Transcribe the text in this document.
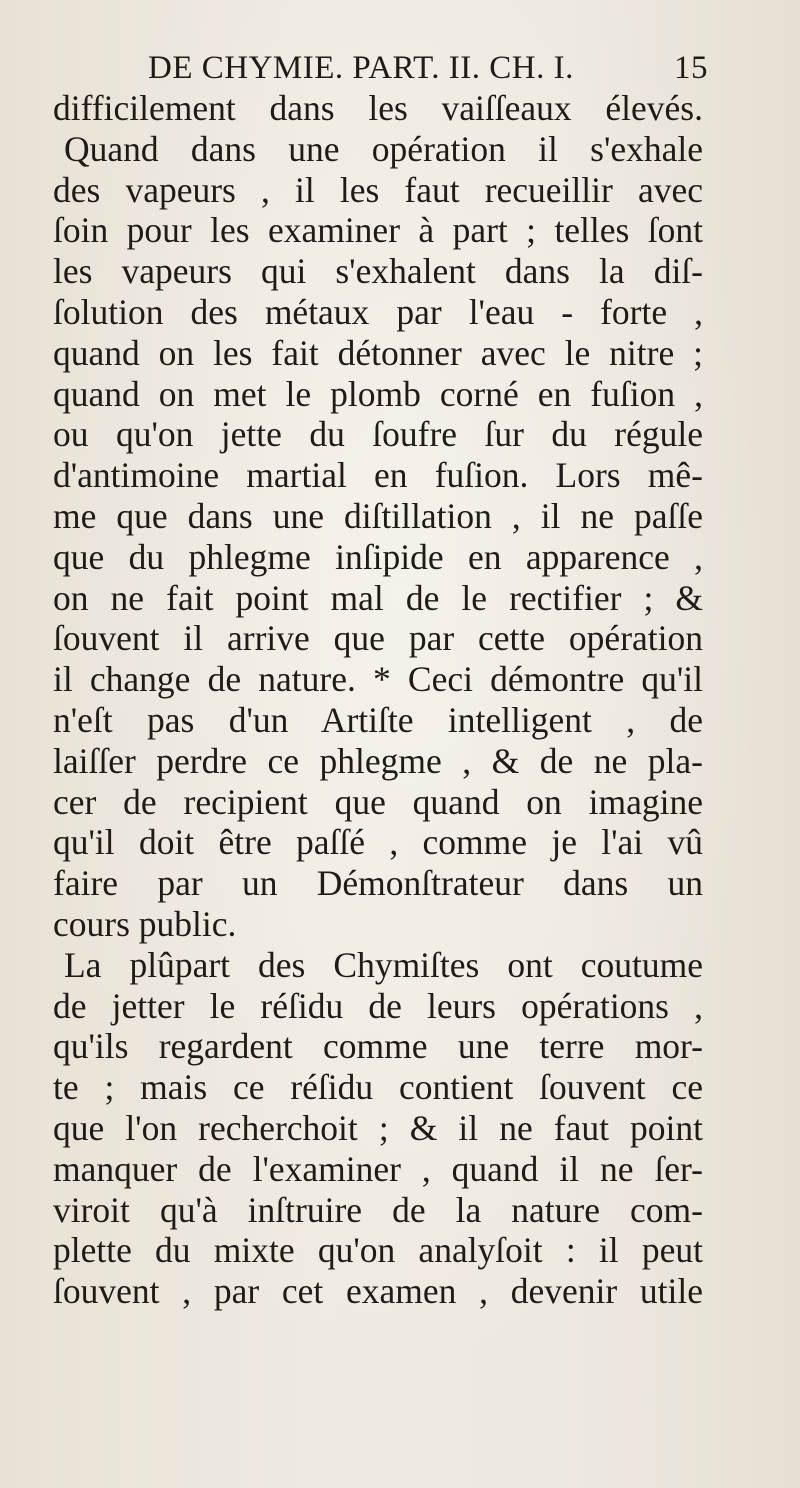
DE CHYMIE. PART. II. CH. I.	15
difficilement dans les vaiſſeaux élevés.
Quand dans une opération il s'exhale
des vapeurs , il les faut recueillir avec
ſoin pour les examiner à part ; telles ſont
les vapeurs qui s'exhalent dans la diſ-
ſolution des métaux par l'eau - forte ,
quand on les fait détonner avec le nitre ;
quand on met le plomb corné en fuſion ,
ou qu'on jette du ſoufre ſur du régule
d'antimoine martial en fuſion. Lors mê-
me que dans une diſtillation , il ne paſſe
que du phlegme inſipide en apparence ,
on ne fait point mal de le rectifier ; &
ſouvent il arrive que par cette opération
il change de nature. * Ceci démontre qu'il
n'eſt pas d'un Artiſte intelligent , de
laiſſer perdre ce phlegme , & de ne pla-
cer de recipient que quand on imagine
qu'il doit être paſſé , comme je l'ai vû
faire par un Démonſtrateur dans un
cours public.
La plûpart des Chymiſtes ont coutume
de jetter le réſidu de leurs opérations ,
qu'ils regardent comme une terre mor-
te ; mais ce réſidu contient ſouvent ce
que l'on recherchoit ; & il ne faut point
manquer de l'examiner , quand il ne ſer-
viroit qu'à inſtruire de la nature com-
plette du mixte qu'on analyſoit : il peut
ſouvent , par cet examen , devenir utile
